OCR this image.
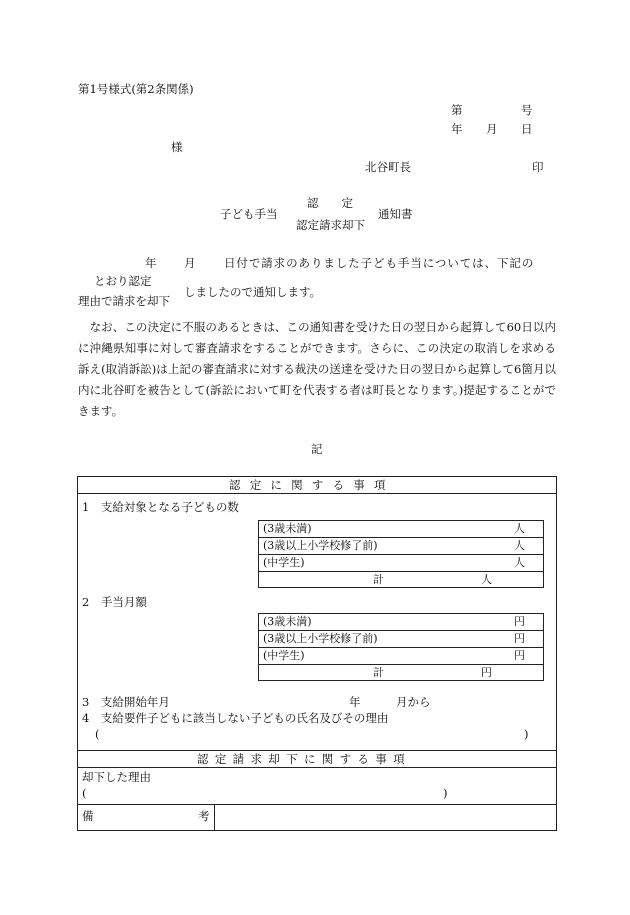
第1号様式(第2条関係)
第	号
年 月 日
様
北谷町長	印
子ども手当
認　　定
認定請求却下
通知書
年 月 日付で請求のありました子ども手当については、下記の
とおり認定
理由で請求を却下
しましたので通知します。
　なお、この決定に不服のあるときは、この通知書を受けた日の翌日から起算して60日以内に沖縄県知事に対して審査請求をすることができます。さらに、この決定の取消しを求める訴え(取消訴訟)は上記の審査請求に対する裁決の送達を受けた日の翌日から起算して6箇月以内に北谷町を被告として(訴訟において町を代表する者は町長となります。)提起することができます。
記
認定に関する事項
1　支給対象となる子どもの数
(3歳未満)	人
(3歳以上小学校修了前)	人
(中学生)	人
計	人
2　手当月額
(3歳未満)	円
(3歳以上小学校修了前)	円
(中学生)	円
計	円
3　支給開始年月	年	月から
4　支給要件子どもに該当しない子どもの氏名及びその理由
(	)
認定請求却下に関する事項
却下した理由
(	)
備	考
